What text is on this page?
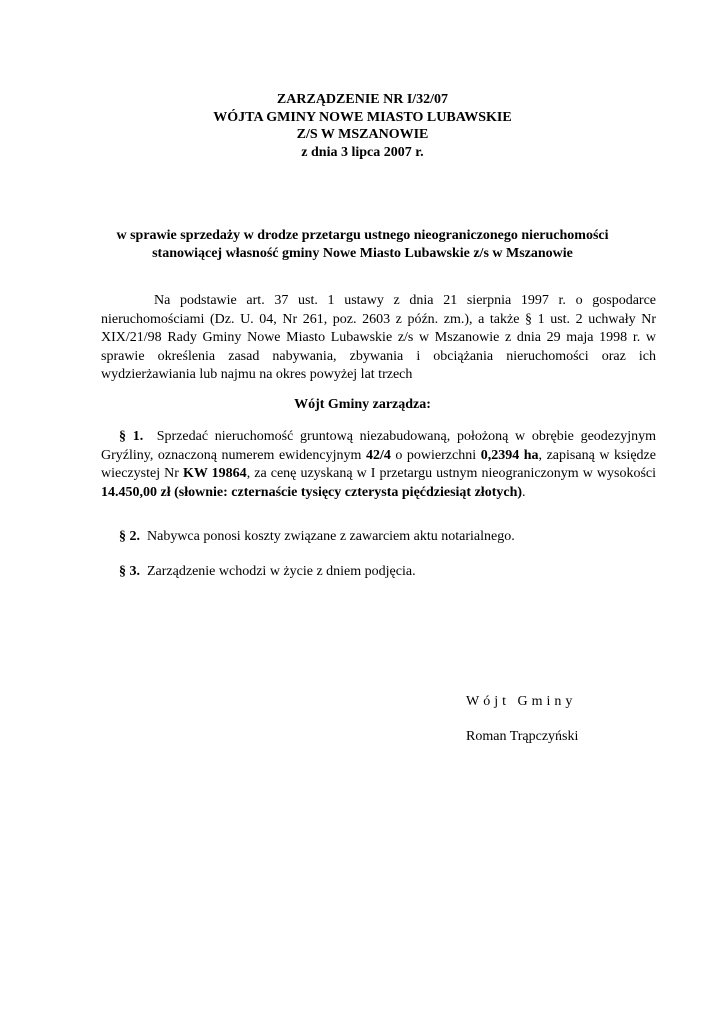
ZARZĄDZENIE NR I/32/07
WÓJTA GMINY NOWE MIASTO LUBAWSKIE
Z/S W MSZANOWIE
z dnia 3 lipca 2007 r.
w sprawie sprzedaży w drodze przetargu ustnego nieograniczonego nieruchomości
stanowiącej własność gminy Nowe Miasto Lubawskie z/s w Mszanowie
Na podstawie art. 37 ust. 1 ustawy z dnia 21 sierpnia 1997 r. o gospodarce nieruchomościami (Dz. U. 04, Nr 261, poz. 2603 z późn. zm.), a także § 1 ust. 2 uchwały Nr XIX/21/98 Rady Gminy Nowe Miasto Lubawskie z/s w Mszanowie z dnia 29 maja 1998 r. w sprawie określenia zasad nabywania, zbywania i obciążania nieruchomości oraz ich wydzierżawiania lub najmu na okres powyżej lat trzech
Wójt Gminy zarządza:
§ 1. Sprzedać nieruchomość gruntową niezabudowaną, położoną w obrębie geodezyjnym Gryźliny, oznaczoną numerem ewidencyjnym 42/4 o powierzchni 0,2394 ha, zapisaną w księdze wieczystej Nr KW 19864, za cenę uzyskaną w I przetargu ustnym nieograniczonym w wysokości 14.450,00 zł (słownie: czternaście tysięcy czterysta pięćdziesiąt złotych).
§ 2. Nabywca ponosi koszty związane z zawarciem aktu notarialnego.
§ 3. Zarządzenie wchodzi w życie z dniem podjęcia.
Wójt Gminy
Roman Trąpczyński
